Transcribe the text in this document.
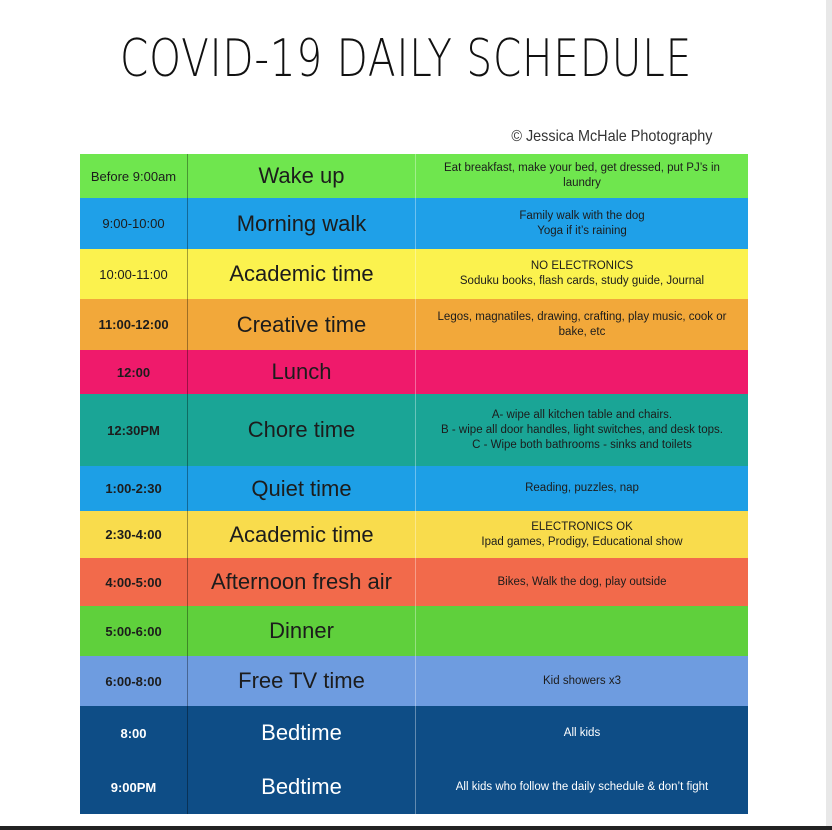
COVID-19 DAILY SCHEDULE
© Jessica McHale Photography
Before 9:00am	Wake up	Eat breakfast, make your bed, get dressed, put PJ’s in
laundry

9:00-10:00	Morning walk	Family walk with the dog
Yoga if it’s raining

10:00-11:00	Academic time	NO ELECTRONICS
Soduku books, flash cards, study guide, Journal

11:00-12:00	Creative time	Legos, magnatiles, drawing, crafting, play music, cook or
bake, etc

12:00	Lunch	

12:30PM	Chore time	A- wipe all kitchen table and chairs.
B - wipe all door handles, light switches, and desk tops.
C - Wipe both bathrooms - sinks and toilets

1:00-2:30	Quiet time	Reading, puzzles, nap

2:30-4:00	Academic time	ELECTRONICS OK
Ipad games, Prodigy, Educational show

4:00-5:00	Afternoon fresh air	Bikes, Walk the dog, play outside

5:00-6:00	Dinner	

6:00-8:00	Free TV time	Kid showers x3

8:00	Bedtime	All kids

9:00PM	Bedtime	All kids who follow the daily schedule & don’t fight
